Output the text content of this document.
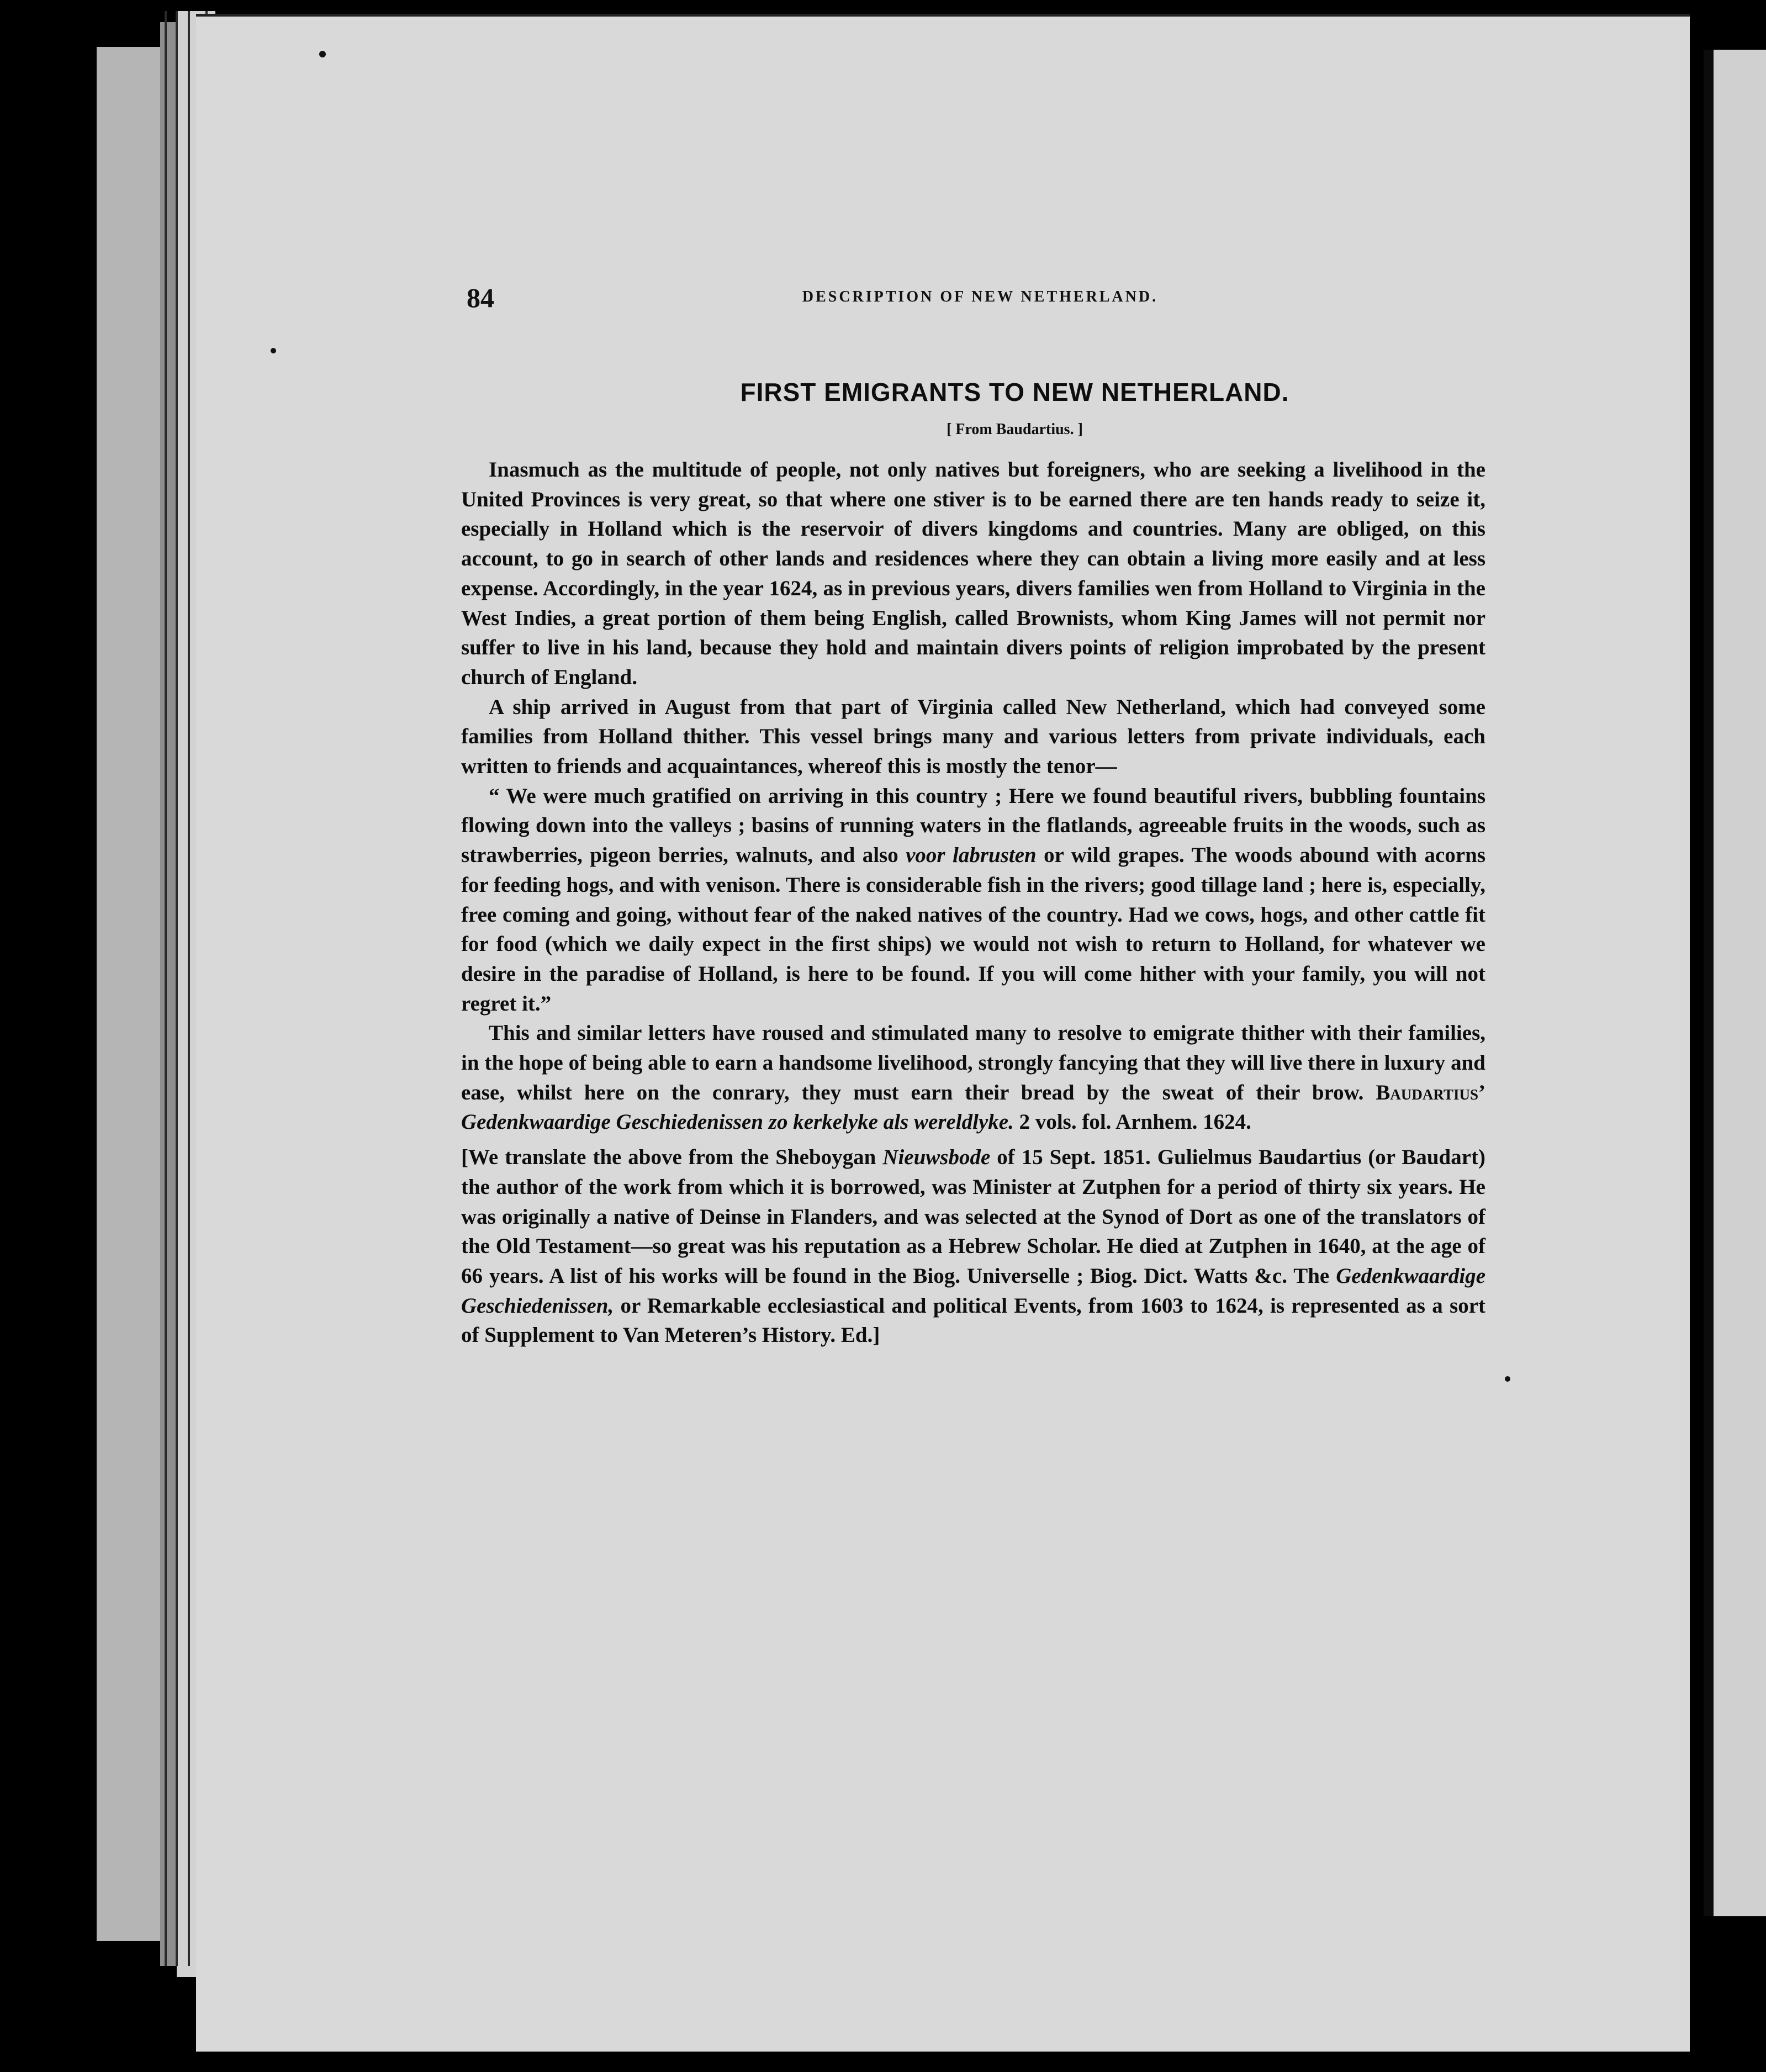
84	DESCRIPTION OF NEW NETHERLAND.
FIRST EMIGRANTS TO NEW NETHERLAND.
[ From Baudartius. ]

Inasmuch as the multitude of people, not only natives but foreigners, who are seeking a livelihood in the United Provinces is very great, so that where one stiver is to be earned there are ten hands ready to seize it, especially in Holland which is the reservoir of divers kingdoms and countries. Many are obliged, on this account, to go in search of other lands and residences where they can obtain a living more easily and at less expense. Accordingly, in the year 1624, as in previous years, divers families wen from Holland to Virginia in the West Indies, a great portion of them being English, called Brownists, whom King James will not permit nor suffer to live in his land, because they hold and maintain divers points of religion improbated by the present church of England.

A ship arrived in August from that part of Virginia called New Netherland, which had conveyed some families from Holland thither. This vessel brings many and various letters from private individuals, each written to friends and acquaintances, whereof this is mostly the tenor—

“ We were much gratified on arriving in this country ; Here we found beautiful rivers, bubbling fountains flowing down into the valleys ; basins of running waters in the flatlands, agreeable fruits in the woods, such as strawberries, pigeon berries, walnuts, and also voor labrusten or wild grapes. The woods abound with acorns for feeding hogs, and with venison. There is considerable fish in the rivers; good tillage land ; here is, especially, free coming and going, without fear of the naked natives of the country. Had we cows, hogs, and other cattle fit for food (which we daily expect in the first ships) we would not wish to return to Holland, for whatever we desire in the paradise of Holland, is here to be found. If you will come hither with your family, you will not regret it.”

This and similar letters have roused and stimulated many to resolve to emigrate thither with their families, in the hope of being able to earn a handsome livelihood, strongly fancying that they will live there in luxury and ease, whilst here on the conrary, they must earn their bread by the sweat of their brow. Baudartius’ Gedenkwaardige Geschiedenissen zo kerkelyke als wereldlyke. 2 vols. fol. Arnhem. 1624.

[We translate the above from the Sheboygan Nieuwsbode of 15 Sept. 1851. Gulielmus Baudartius (or Baudart) the author of the work from which it is borrowed, was Minister at Zutphen for a period of thirty six years. He was originally a native of Deinse in Flanders, and was selected at the Synod of Dort as one of the translators of the Old Testament—so great was his reputation as a Hebrew Scholar. He died at Zutphen in 1640, at the age of 66 years. A list of his works will be found in the Biog. Universelle ; Biog. Dict. Watts &c. The Gedenkwaardige Geschiedenissen, or Remarkable ecclesiastical and political Events, from 1603 to 1624, is represented as a sort of Supplement to Van Meteren’s History. Ed.]
